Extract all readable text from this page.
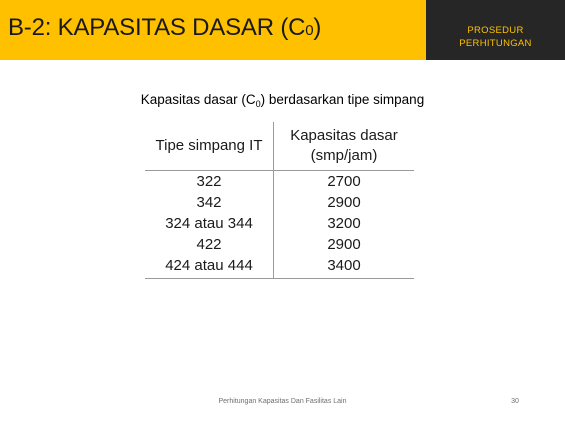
B-2: KAPASITAS DASAR (C0)	PROSEDUR
PERHITUNGAN
Kapasitas dasar $(C_0)$ berdasarkan tipe simpang
Tipe simpang IT	Kapasitas dasar (smp/jam)
322	2700
342	2900
324 atau 344	3200
422	2900
424 atau 444	3400
Perhitungan Kapasitas Dan Fasilitas Lain	30
